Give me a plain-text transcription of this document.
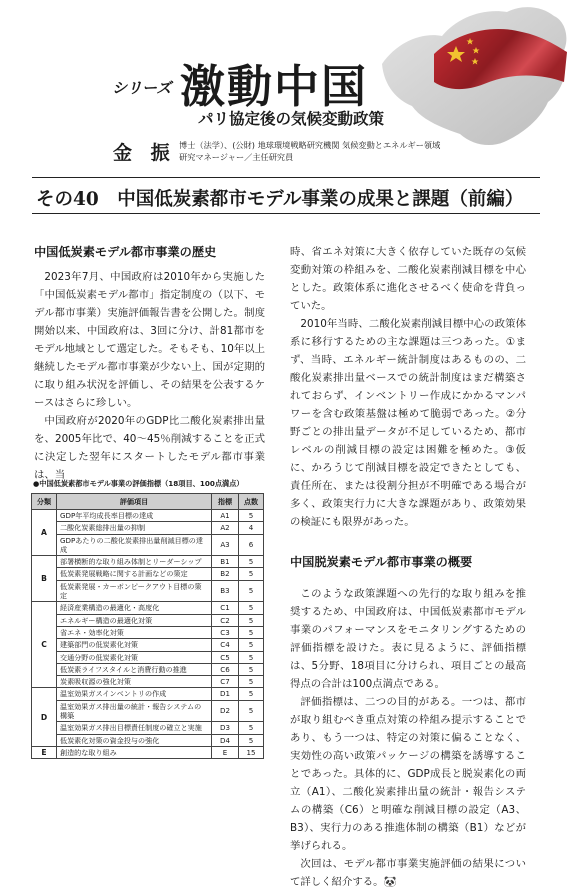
シリーズ 激動中国
パリ協定後の気候変動政策
金 振 博士（法学）、(公財) 地球環境戦略研究機関 気候変動とエネルギー領域
研究マネージャー／主任研究員
その40　中国低炭素都市モデル事業の成果と課題（前編）
中国低炭素モデル都市事業の歴史

2023年7月、中国政府は2010年から実施した「中国低炭素モデル都市」指定制度の（以下、モデル都市事業）実施評価報告書を公開した。制度開始以来、中国政府は、3回に分け、計81都市をモデル地域として選定した。そもそも、10年以上継続したモデル都市事業が少ない上、国が定期的に取り組み状況を評価し、その結果を公表するケースはさらに珍しい。

中国政府が2020年のGDP比二酸化炭素排出量を、2005年比で、40～45％削減することを正式に決定した翌年にスタートしたモデル都市事業は、当

●中国低炭素都市モデル事業の評価指標（18項目、100点満点）
分類	評価項目	指標	点数
A	GDP年平均成長率目標の達成	A1	5
	二酸化炭素総排出量の抑制	A2	4
	GDPあたりの二酸化炭素排出量削減目標の達成	A3	6
B	部署横断的な取り組み体制とリーダーシップ	B1	5
	低炭素発展戦略に関する計画などの策定	B2	5
	低炭素発展・カーボンピークアウト目標の策定	B3	5
C	経済産業構造の最適化・高度化	C1	5
	エネルギー構造の最適化対策	C2	5
	省エネ・効率化対策	C3	5
	建築部門の低炭素化対策	C4	5
	交通分野の低炭素化対策	C5	5
	低炭素ライフスタイルと消費行動の推進	C6	5
	炭素吸収源の強化対策	C7	5
D	温室効果ガスインベントリの作成	D1	5
	温室効果ガス排出量の統計・報告システムの構築	D2	5
	温室効果ガス排出目標責任制度の確立と実施	D3	5
	低炭素化対策の資金投与の強化	D4	5
E	創造的な取り組み	E	15

時、省エネ対策に大きく依存していた既存の気候変動対策の枠組みを、二酸化炭素削減目標を中心とした。政策体系に進化させるべく使命を背負っていた。

2010年当時、二酸化炭素削減目標中心の政策体系に移行するための主な課題は三つあった。①まず、当時、エネルギー統計制度はあるものの、二酸化炭素排出量ベースでの統計制度はまだ構築されておらず、インベントリー作成にかかるマンパワーを含む政策基盤は極めて脆弱であった。②分野ごとの排出量データが不足しているため、都市レベルの削減目標の設定は困難を極めた。③仮に、かろうじて削減目標を設定できたとしても、責任所在、または役割分担が不明確である場合が多く、政策実行力に大きな課題があり、政策効果の検証にも限界があった。

中国脱炭素モデル都市事業の概要

このような政策課題への先行的な取り組みを推奨するため、中国政府は、中国低炭素都市モデル事業のパフォーマンスをモニタリングするための評価指標を設けた。表に見るように、評価指標は、5分野、18項目に分けられ、項目ごとの最高得点の合計は100点満点である。

評価指標は、二つの目的がある。一つは、都市が取り組むべき重点対策の枠組み提示することであり、もう一つは、特定の対策に偏ることなく、実効性の高い政策パッケージの構築を誘導することであった。具体的に、GDP成長と脱炭素化の両立（A1）、二酸化炭素排出量の統計・報告システムの構築（C6）と明確な削減目標の設定（A3、B3）、実行力のある推進体制の構築（B1）などが挙げられる。

次回は、モデル都市事業実施評価の結果について詳しく紹介する。🐼
